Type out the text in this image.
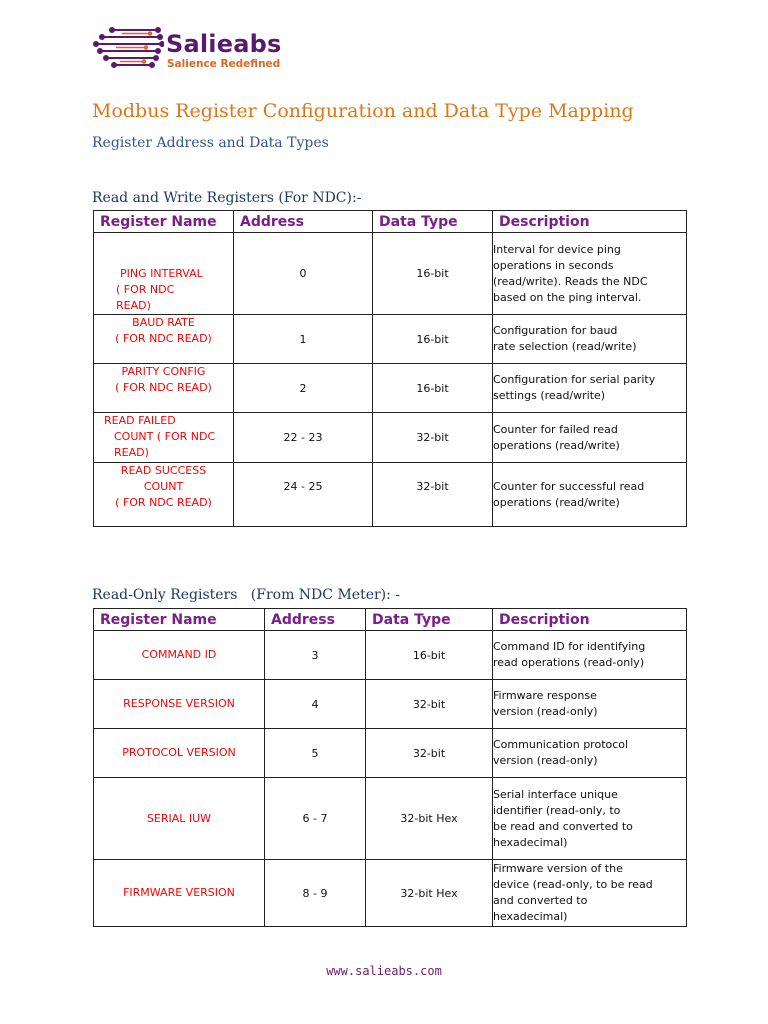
Salieabs
Salience Redefined
Modbus Register Configuration and Data Type Mapping
Register Address and Data Types
Read and Write Registers (For NDC):-
Register Name	Address	Data Type	Description

PING INTERVAL
( FOR NDC
READ)	0	16-bit	Interval for device ping
operations in seconds
(read/write). Reads the NDC
based on the ping interval.

BAUD RATE
( FOR NDC READ)	1	16-bit	Configuration for baud
rate selection (read/write)

PARITY CONFIG
( FOR NDC READ)	2	16-bit	Configuration for serial parity
settings (read/write)

READ FAILED
COUNT ( FOR NDC
READ)	22 - 23	32-bit	Counter for failed read
operations (read/write)

READ SUCCESS
COUNT
( FOR NDC READ)	24 - 25	32-bit	Counter for successful read
operations (read/write)
Read-Only Registers   (From NDC Meter): -
Register Name	Address	Data Type	Description
COMMAND ID	3	16-bit	Command ID for identifying
read operations (read-only)

RESPONSE VERSION	4	32-bit	Firmware response
version (read-only)

PROTOCOL VERSION	5	32-bit	Communication protocol
version (read-only)

SERIAL IUW	6 - 7	32-bit Hex	Serial interface unique
identifier (read-only, to
be read and converted to
hexadecimal)

FIRMWARE VERSION	8 - 9	32-bit Hex	Firmware version of the
device (read-only, to be read
and converted to
hexadecimal)
www.salieabs.com
